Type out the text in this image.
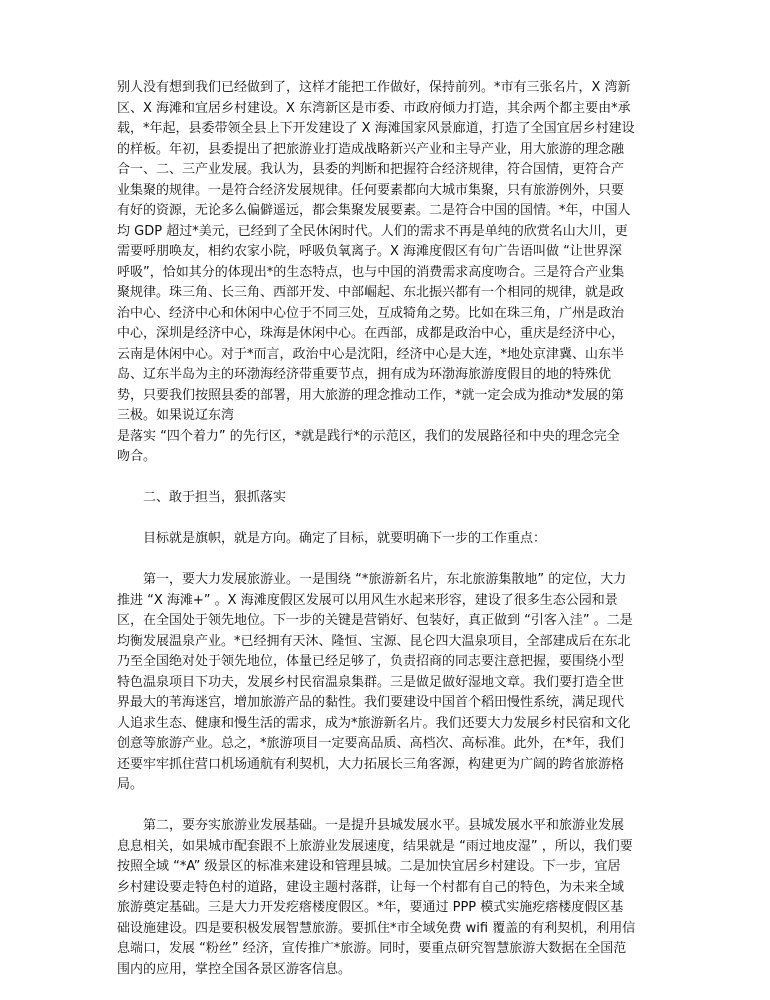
别人没有想到我们已经做到了，这样才能把工作做好，保持前列。*市有三张名片，X 湾新
区、X 海滩和宜居乡村建设。X 东湾新区是市委、市政府倾力打造，其余两个都主要由*承
载，*年起，县委带领全县上下开发建设了 X 海滩国家风景廊道，打造了全国宜居乡村建设
的样板。年初，县委提出了把旅游业打造成战略新兴产业和主导产业，用大旅游的理念融
合一、二、三产业发展。我认为，县委的判断和把握符合经济规律，符合国情，更符合产
业集聚的规律。一是符合经济发展规律。任何要素都向大城市集聚，只有旅游例外，只要
有好的资源，无论多么偏僻遥远，都会集聚发展要素。二是符合中国的国情。*年，中国人
均 GDP 超过*美元，已经到了全民休闲时代。人们的需求不再是单纯的欣赏名山大川，更
需要呼朋唤友，相约农家小院，呼吸负氧离子。X 海滩度假区有句广告语叫做 “让世界深
呼吸”，恰如其分的体现出*的生态特点，也与中国的消费需求高度吻合。三是符合产业集
聚规律。珠三角、长三角、西部开发、中部崛起、东北振兴都有一个相同的规律，就是政
治中心、经济中心和休闲中心位于不同三处，互成犄角之势。比如在珠三角，广州是政治
中心，深圳是经济中心，珠海是休闲中心。在西部，成都是政治中心，重庆是经济中心，
云南是休闲中心。对于*而言，政治中心是沈阳，经济中心是大连，*地处京津冀、山东半
岛、辽东半岛为主的环渤海经济带重要节点，拥有成为环渤海旅游度假目的地的特殊优
势，只要我们按照县委的部署，用大旅游的理念推动工作，*就一定会成为推动*发展的第
三极。如果说辽东湾
是落实 “四个着力” 的先行区，*就是践行*的示范区，我们的发展路径和中央的理念完全
吻合。
二、敢于担当，狠抓落实
目标就是旗帜，就是方向。确定了目标，就要明确下一步的工作重点：
第一，要大力发展旅游业。一是围绕 “*旅游新名片，东北旅游集散地” 的定位，大力
推进 “X 海滩+” 。X 海滩度假区发展可以用风生水起来形容，建设了很多生态公园和景
区，在全国处于领先地位。下一步的关键是营销好、包装好，真正做到 “引客入洼” 。二是
均衡发展温泉产业。*已经拥有天沐、隆恒、宝源、昆仑四大温泉项目，全部建成后在东北
乃至全国绝对处于领先地位，体量已经足够了，负责招商的同志要注意把握，要围绕小型
特色温泉项目下功夫，发展乡村民宿温泉集群。三是做足做好湿地文章。我们要打造全世
界最大的苇海迷宫，增加旅游产品的黏性。我们要建设中国首个稻田慢性系统，满足现代
人追求生态、健康和慢生活的需求，成为*旅游新名片。我们还要大力发展乡村民宿和文化
创意等旅游产业。总之，*旅游项目一定要高品质、高档次、高标准。此外，在*年，我们
还要牢牢抓住营口机场通航有利契机，大力拓展长三角客源，构建更为广阔的跨省旅游格
局。
第二，要夯实旅游业发展基础。一是提升县城发展水平。县城发展水平和旅游业发展
息息相关，如果城市配套跟不上旅游业发展速度，结果就是 “雨过地皮湿” ，所以，我们要
按照全域 “*A” 级景区的标准来建设和管理县城。二是加快宜居乡村建设。下一步，宜居
乡村建设要走特色村的道路，建设主题村落群，让每一个村都有自己的特色，为未来全域
旅游奠定基础。三是大力开发疙瘩楼度假区。*年，要通过 PPP 模式实施疙瘩楼度假区基
础设施建设。四是要积极发展智慧旅游。要抓住*市全域免费 wifi 覆盖的有利契机，利用信
息端口，发展 “粉丝” 经济，宣传推广*旅游。同时，要重点研究智慧旅游大数据在全国范
围内的应用，掌控全国各景区游客信息。
